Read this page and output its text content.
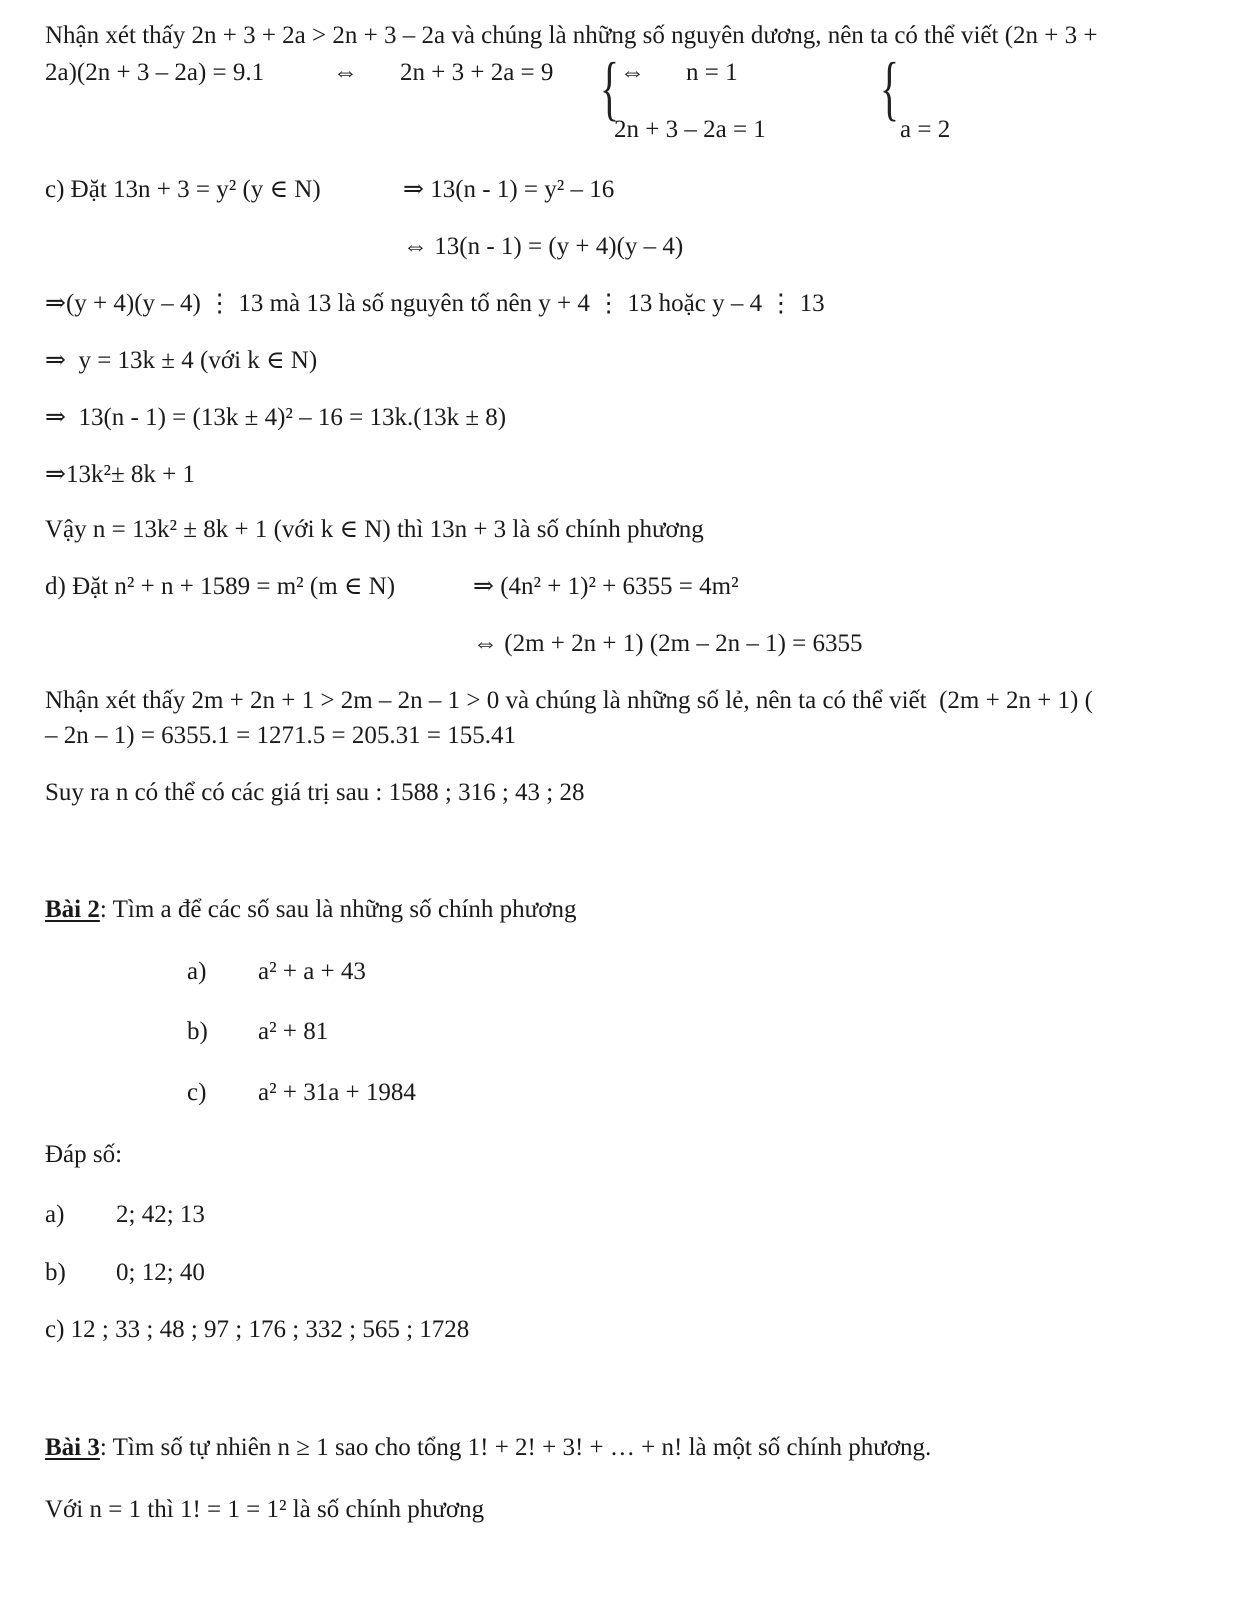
Nhận xét thấy 2n + 3 + 2a > 2n + 3 – 2a và chúng là những số nguyên dương, nên ta có thể viết (2n + 3 +
2a)(2n + 3 – 2a) = 9.1	⇔ 2n + 3 + 2a = 9 { ⇔ n = 1 {
2n + 3 – 2a = 1	a = 2
c) Đặt 13n + 3 = y² (y ∈ N)	⇒ 13(n - 1) = y² – 16
⇔ 13(n - 1) = (y + 4)(y – 4)
⇒(y + 4)(y – 4) ⋮ 13 mà 13 là số nguyên tố nên y + 4 ⋮ 13 hoặc y – 4 ⋮ 13
⇒  y = 13k ± 4 (với k ∈ N)
⇒  13(n - 1) = (13k ± 4)² – 16 = 13k.(13k ± 8)
⇒13k²± 8k + 1
Vậy n = 13k² ± 8k + 1 (với k ∈ N) thì 13n + 3 là số chính phương
d) Đặt n² + n + 1589 = m² (m ∈ N)	⇒ (4n² + 1)² + 6355 = 4m²
⇔ (2m + 2n + 1) (2m – 2n – 1) = 6355
Nhận xét thấy 2m + 2n + 1 > 2m – 2n – 1 > 0 và chúng là những số lẻ, nên ta có thể viết  (2m + 2n + 1) (
– 2n – 1) = 6355.1 = 1271.5 = 205.31 = 155.41
Suy ra n có thể có các giá trị sau : 1588 ; 316 ; 43 ; 28
Bài 2: Tìm a để các số sau là những số chính phương
a) a² + a + 43
b) a² + 81
c) a² + 31a + 1984
Đáp số:
a) 2; 42; 13
b) 0; 12; 40
c) 12 ; 33 ; 48 ; 97 ; 176 ; 332 ; 565 ; 1728
Bài 3: Tìm số tự nhiên n ≥ 1 sao cho tổng 1! + 2! + 3! + … + n! là một số chính phương.
Với n = 1 thì 1! = 1 = 1² là số chính phương
